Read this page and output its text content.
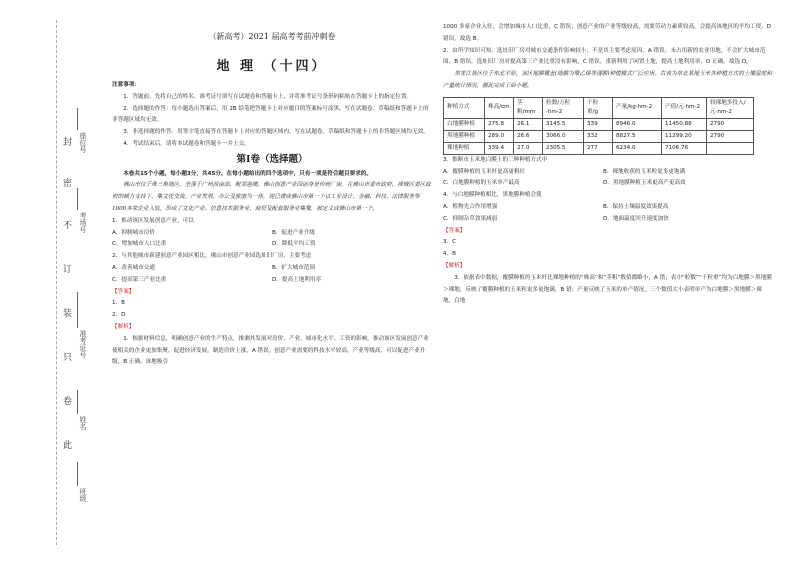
座位号
考场号
准考证号
姓名
班级
封
密
不
订
装
只
卷
此
（新高考）2021 届高考考前冲刺卷
地 理 （十四）

注意事项：

1．答题前，先将自己的姓名、准考证号填写在试题卷和答题卡上，并将准考证号条形码粘贴在答题卡上的指定位置。

2．选择题的作答：每小题选出答案后，用 2B 铅笔把答题卡上对应题目的答案标号涂黑，写在试题卷、草稿纸和答题卡上的非答题区域均无效。

3．非选择题的作答：用签字笔直接答在答题卡上对应的答题区域内。写在试题卷、草稿纸和答题卡上的非答题区域均无效。

4．考试结束后，请将本试题卷和答题卡一并上交。

第Ⅰ卷（选择题）

本卷共15个小题，每小题3分，共45分。在每小题给出的四个选项中，只有一项是符合题目要求的。

佛山市位于珠三角地区，坐落于广州西南部，毗邻港澳。佛山创意产业园前身是传统厂房，在佛山市委市政府、禅城区委区政府的倾力支持下，集文化交流、产业发展、办公及旅游为一体，现已建成佛山市第一个以工业设计、金融、科技、法律服务等1000多家企业入驻，形成了文化产业、信息技术服务业、商贸及配套服务业集聚，被定义成佛山市第一个。

1．推动该区发展创意产业，可以

A．抑制城市房价	B．促进产业升级
C．增加城市人口比重	D．降低平均工资

2．与其他城市新建创意产业园区相比，佛山市创意产业园选址旧厂房，主要考虑

A．改善城市交通	B．扩大城市范围
C．提高第三产业比重	D．提高土地利用率

【答案】

1．B

2．D

【解析】

1．根据材料信息，明确创意产业的生产特点，推测其发展对房价、产业、城市化水平、工资的影响。推动该区发展创意产业使相关的企业更加集聚，促进经济发展，制造房价上涨，A 错误。创意产业需要的科技水平较高，产业等级高，可以促进产业升级，B 正确。该地吸引

1000 多家企业入驻，会增加城市人口比重，C 错误；创意产业的产业等级较高，需要劳动力素质较高，会提高该地区的平均工资，D 错误。故选 B。

2．由所学知识可知，选址旧厂房对城市交通条件影响较小，不是其主要考虑原因，A 错误。未占用新的农业用地，不会扩大城市范围，B 错误。选址旧厂房对提高第三产业比重没有影响，C 错误。重新利用了闲置土地，提高土地利用率，D 正确。故选 D。

黑龙江垦区位于东北平原，该区地膜覆盖(地膜为聚乙烯等薄膜)种植模式广泛应用。右表为东北某地玉米各种植方式的土壤温度和产量统计情况，据此完成下面小题。

种植方式	株高/cm	茎粗/mm	粒数/万粒·hm-2	千粒重/g	产量/kg·hm-2	产值/元·hm-2	较裸地多投入/元·hm-2
白地膜种植	275.8	26.1	3145.5	339	8946.0	11450.88	2790
黑地膜种植	289.0	26.6	3066.0	332	8827.5	11299.20	2790
裸地种植	339.4	27.0	2305.5	277	6234.0	7106.76	

3．推断市玉米地白膜土的三种种植方式中

A．覆膜种植的玉米杆更高更粗壮	B．裸地收获的玉米粒更多更饱满
C．白地膜种植的玉米单产最高	D．黑地膜种植玉米更高产更高效

4．与白地膜种植相比，黑地膜种植会使

A．植物光合作用增强	B．保持土壤温度效果提高
C．抑制杂草效果减弱	D．地面温度回升速度加快

【答案】

3．C

4．B

【解析】

3．依据表中数据，覆膜种植的玉米杆比裸地种植的“株高”和“茎粗”数值都略小，A 错；表中“粒数”“千粒重”均为白地膜＞黑地膜＞裸地，反映了覆膜种植的玉米粒更多更饱满，B 错；产量反映了玉米的单产情况，三个数值大小表明单产为白地膜＞黑地膜＞裸地，白地
